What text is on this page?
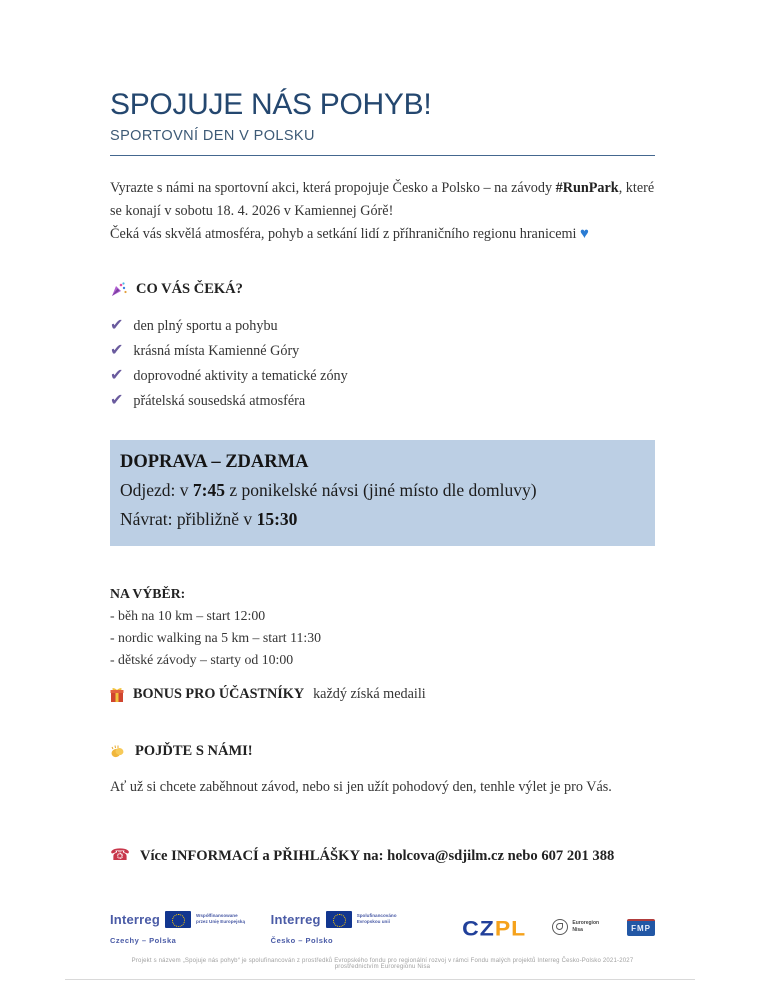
SPOJUJE NÁS POHYB!
SPORTOVNÍ DEN V POLSKU

Vyrazte s námi na sportovní akci, která propojuje Česko a Polsko – na závody #RunPark, které se konají v sobotu 18. 4. 2026 v Kamiennej Górě!
Čeká vás skvělá atmosféra, pohyb a setkání lidí z příhraničního regionu hranicemi ♥

CO VÁS ČEKÁ?
✔ den plný sportu a pohybu
✔ krásná místa Kamienné Góry
✔ doprovodné aktivity a tematické zóny
✔ přátelská sousedská atmosféra
DOPRAVA – ZDARMA
Odjezd: v 7:45 z ponikelské návsi (jiné místo dle domluvy)
Návrat: přibližně v 15:30
NA VÝBĚR:
- běh na 10 km – start 12:00
- nordic walking na 5 km – start 11:30
- dětské závody – starty od 10:00
BONUS PRO ÚČASTNÍKY každý získá medaili
POJĎTE S NÁMI!

Ať už si chcete zaběhnout závod, nebo si jen užít pohodový den, tenhle výlet je pro Vás.

☎ Více INFORMACÍ a PŘIHLÁŠKY na: holcova@sdjilm.cz nebo 607 201 388
Interreg	Współfinansowane
przez Unię Europejską
Czechy – Polska
Interreg	Spolufinancováno
Evropskou unií
Česko – Polsko
CZPL	Euroregion
Nisa	FMP
Projekt s názvem „Spojuje nás pohyb“ je spolufinancován z prostředků Evropského fondu pro regionální rozvoj v rámci Fondu malých projektů Interreg Česko-Polsko 2021-2027 prostřednictvím Euroregionu Nisa
